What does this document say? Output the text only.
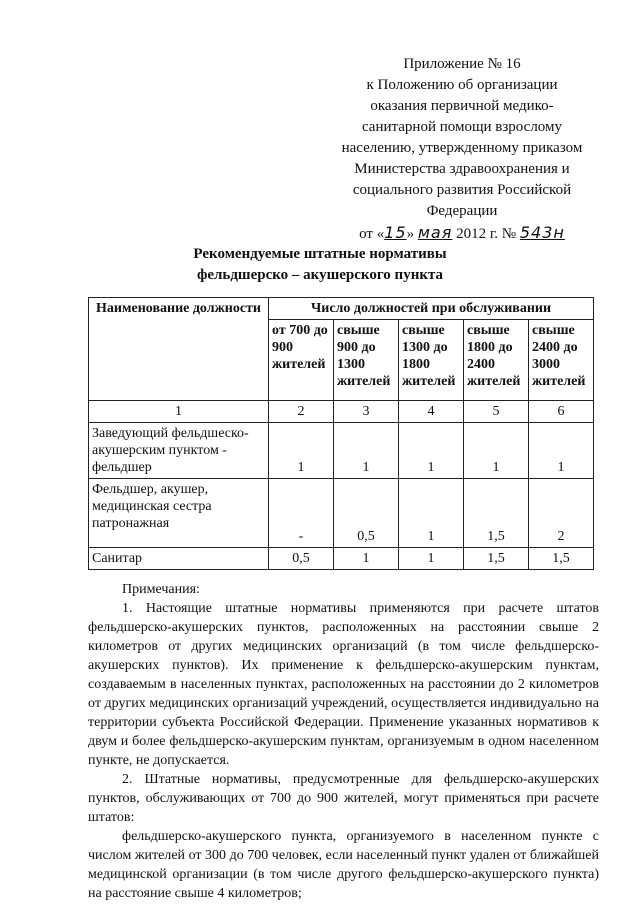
Приложение № 16
к Положению об организации
оказания первичной медико-
санитарной помощи взрослому
населению, утвержденному приказом
Министерства здравоохранения и
социального развития Российской
Федерации
от «15» мая 2012 г. № 543н
Рекомендуемые штатные нормативы
фельдшерско – акушерского пункта
Наименование должности	Число должностей при обслуживании				
	от 700 до 900 жителей	свыше 900 до 1300 жителей	свыше 1300 до 1800 жителей	свыше 1800 до 2400 жителей	свыше 2400 до 3000 жителей
1	2	3	4	5	6
Заведующий фельдшеско-акушерским пунктом - фельдшер	1	1	1	1	1
Фельдшер, акушер, медицинская сестра патронажная	-	0,5	1	1,5	2
Санитар	0,5	1	1	1,5	1,5

Примечания:

1. Настоящие штатные нормативы применяются при расчете штатов фельдшерско-акушерских пунктов, расположенных на расстоянии свыше 2 километров от других медицинских организаций (в том числе фельдшерско-акушерских пунктов). Их применение к фельдшерско-акушерским пунктам, создаваемым в населенных пунктах, расположенных на расстоянии до 2 километров от других медицинских организаций учреждений, осуществляется индивидуально на территории субъекта Российской Федерации. Применение указанных нормативов к двум и более фельдшерско-акушерским пунктам, организуемым в одном населенном пункте, не допускается.

2. Штатные нормативы, предусмотренные для фельдшерско-акушерских пунктов, обслуживающих от 700 до 900 жителей, могут применяться при расчете штатов:

фельдшерско-акушерского пункта, организуемого в населенном пункте с числом жителей от 300 до 700 человек, если населенный пункт удален от ближайшей медицинской организации (в том числе другого фельдшерско-акушерского пункта) на расстояние свыше 4 километров;
